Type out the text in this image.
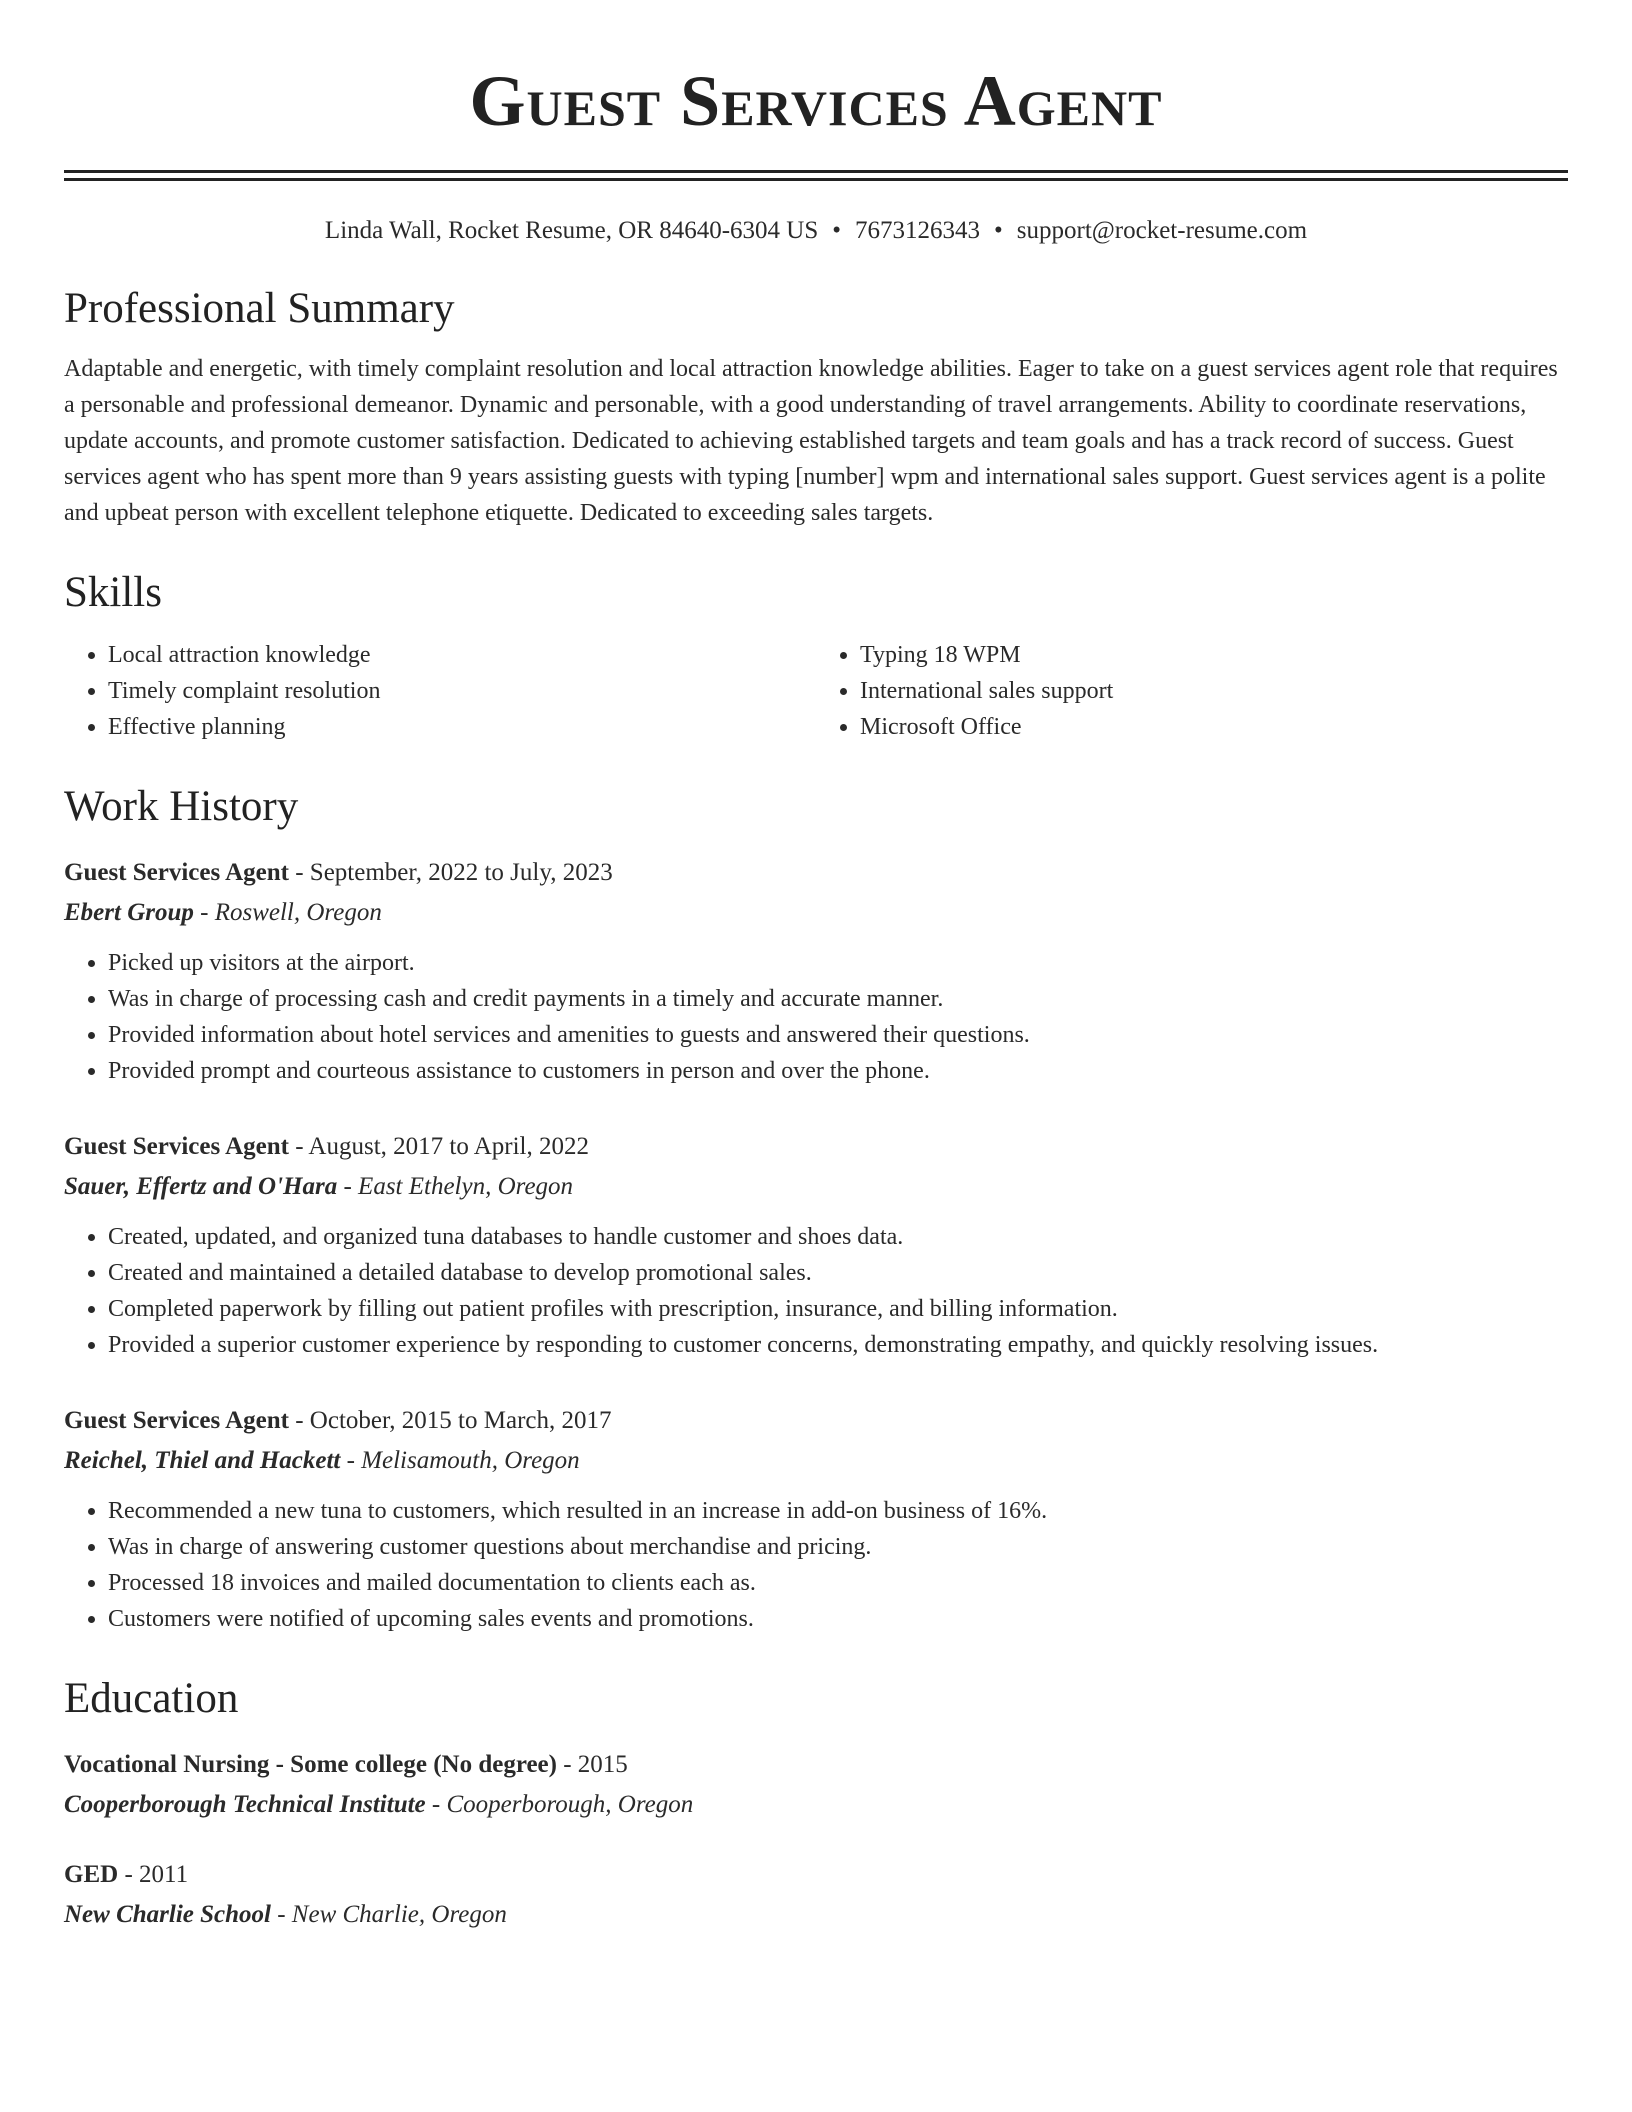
Guest Services Agent
Linda Wall, Rocket Resume, OR 84640-6304 US • 7673126343 • support@rocket-resume.com
Professional Summary
Adaptable and energetic, with timely complaint resolution and local attraction knowledge abilities. Eager to take on a guest services agent role that requires a personable and professional demeanor. Dynamic and personable, with a good understanding of travel arrangements. Ability to coordinate reservations, update accounts, and promote customer satisfaction. Dedicated to achieving established targets and team goals and has a track record of success. Guest services agent who has spent more than 9 years assisting guests with typing [number] wpm and international sales support. Guest services agent is a polite and upbeat person with excellent telephone etiquette. Dedicated to exceeding sales targets.
Skills
• Local attraction knowledge
• Timely complaint resolution
• Effective planning
• Typing 18 WPM
• International sales support
• Microsoft Office
Work History
Guest Services Agent - September, 2022 to July, 2023
Ebert Group - Roswell, Oregon
• Picked up visitors at the airport.
• Was in charge of processing cash and credit payments in a timely and accurate manner.
• Provided information about hotel services and amenities to guests and answered their questions.
• Provided prompt and courteous assistance to customers in person and over the phone.
Guest Services Agent - August, 2017 to April, 2022
Sauer, Effertz and O'Hara - East Ethelyn, Oregon
• Created, updated, and organized tuna databases to handle customer and shoes data.
• Created and maintained a detailed database to develop promotional sales.
• Completed paperwork by filling out patient profiles with prescription, insurance, and billing information.
• Provided a superior customer experience by responding to customer concerns, demonstrating empathy, and quickly resolving issues.
Guest Services Agent - October, 2015 to March, 2017
Reichel, Thiel and Hackett - Melisamouth, Oregon
• Recommended a new tuna to customers, which resulted in an increase in add-on business of 16%.
• Was in charge of answering customer questions about merchandise and pricing.
• Processed 18 invoices and mailed documentation to clients each as.
• Customers were notified of upcoming sales events and promotions.
Education
Vocational Nursing - Some college (No degree) - 2015
Cooperborough Technical Institute - Cooperborough, Oregon
GED - 2011
New Charlie School - New Charlie, Oregon
